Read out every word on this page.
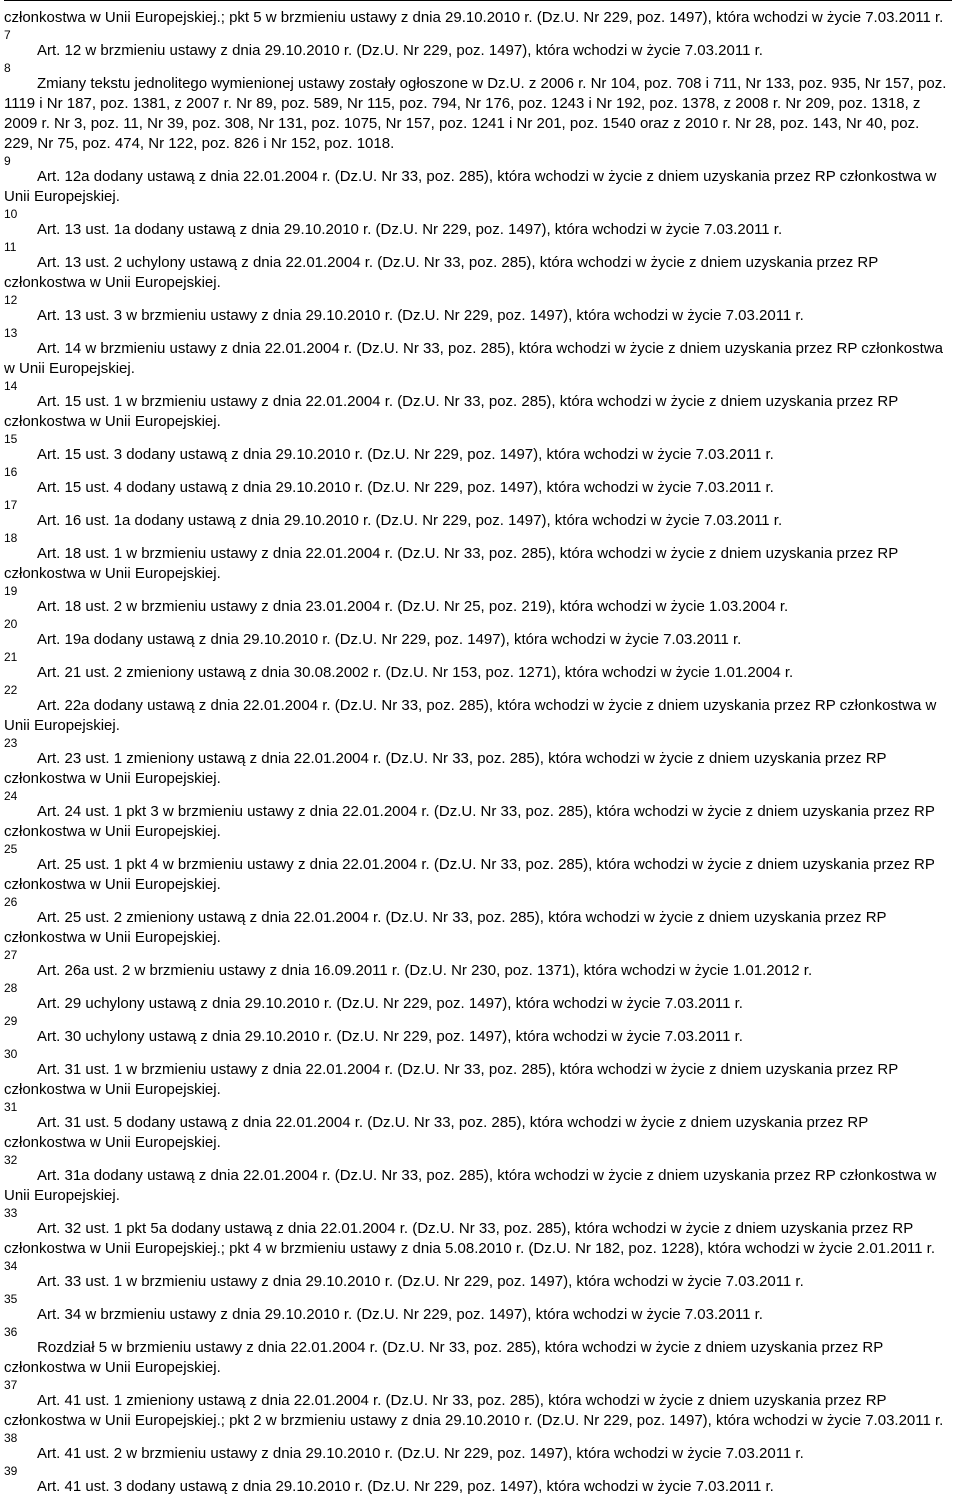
członkostwa w Unii Europejskiej.; pkt 5 w brzmieniu ustawy z dnia 29.10.2010 r. (Dz.U. Nr 229, poz. 1497), która wchodzi w życie 7.03.2011 r.

7
Art. 12 w brzmieniu ustawy z dnia 29.10.2010 r. (Dz.U. Nr 229, poz. 1497), która wchodzi w życie 7.03.2011 r.

8
Zmiany tekstu jednolitego wymienionej ustawy zostały ogłoszone w Dz.U. z 2006 r. Nr 104, poz. 708 i 711, Nr 133, poz. 935, Nr 157, poz. 1119 i Nr 187, poz. 1381, z 2007 r. Nr 89, poz. 589, Nr 115, poz. 794, Nr 176, poz. 1243 i Nr 192, poz. 1378, z 2008 r. Nr 209, poz. 1318, z 2009 r. Nr 3, poz. 11, Nr 39, poz. 308, Nr 131, poz. 1075, Nr 157, poz. 1241 i Nr 201, poz. 1540 oraz z 2010 r. Nr 28, poz. 143, Nr 40, poz. 229, Nr 75, poz. 474, Nr 122, poz. 826 i Nr 152, poz. 1018.

9
Art. 12a dodany ustawą z dnia 22.01.2004 r. (Dz.U. Nr 33, poz. 285), która wchodzi w życie z dniem uzyskania przez RP członkostwa w Unii Europejskiej.

10
Art. 13 ust. 1a dodany ustawą z dnia 29.10.2010 r. (Dz.U. Nr 229, poz. 1497), która wchodzi w życie 7.03.2011 r.

11
Art. 13 ust. 2 uchylony ustawą z dnia 22.01.2004 r. (Dz.U. Nr 33, poz. 285), która wchodzi w życie z dniem uzyskania przez RP członkostwa w Unii Europejskiej.

12
Art. 13 ust. 3 w brzmieniu ustawy z dnia 29.10.2010 r. (Dz.U. Nr 229, poz. 1497), która wchodzi w życie 7.03.2011 r.

13
Art. 14 w brzmieniu ustawy z dnia 22.01.2004 r. (Dz.U. Nr 33, poz. 285), która wchodzi w życie z dniem uzyskania przez RP członkostwa w Unii Europejskiej.

14
Art. 15 ust. 1 w brzmieniu ustawy z dnia 22.01.2004 r. (Dz.U. Nr 33, poz. 285), która wchodzi w życie z dniem uzyskania przez RP członkostwa w Unii Europejskiej.

15
Art. 15 ust. 3 dodany ustawą z dnia 29.10.2010 r. (Dz.U. Nr 229, poz. 1497), która wchodzi w życie 7.03.2011 r.

16
Art. 15 ust. 4 dodany ustawą z dnia 29.10.2010 r. (Dz.U. Nr 229, poz. 1497), która wchodzi w życie 7.03.2011 r.

17
Art. 16 ust. 1a dodany ustawą z dnia 29.10.2010 r. (Dz.U. Nr 229, poz. 1497), która wchodzi w życie 7.03.2011 r.

18
Art. 18 ust. 1 w brzmieniu ustawy z dnia 22.01.2004 r. (Dz.U. Nr 33, poz. 285), która wchodzi w życie z dniem uzyskania przez RP członkostwa w Unii Europejskiej.

19
Art. 18 ust. 2 w brzmieniu ustawy z dnia 23.01.2004 r. (Dz.U. Nr 25, poz. 219), która wchodzi w życie 1.03.2004 r.

20
Art. 19a dodany ustawą z dnia 29.10.2010 r. (Dz.U. Nr 229, poz. 1497), która wchodzi w życie 7.03.2011 r.

21
Art. 21 ust. 2 zmieniony ustawą z dnia 30.08.2002 r. (Dz.U. Nr 153, poz. 1271), która wchodzi w życie 1.01.2004 r.

22
Art. 22a dodany ustawą z dnia 22.01.2004 r. (Dz.U. Nr 33, poz. 285), która wchodzi w życie z dniem uzyskania przez RP członkostwa w Unii Europejskiej.

23
Art. 23 ust. 1 zmieniony ustawą z dnia 22.01.2004 r. (Dz.U. Nr 33, poz. 285), która wchodzi w życie z dniem uzyskania przez RP członkostwa w Unii Europejskiej.

24
Art. 24 ust. 1 pkt 3 w brzmieniu ustawy z dnia 22.01.2004 r. (Dz.U. Nr 33, poz. 285), która wchodzi w życie z dniem uzyskania przez RP członkostwa w Unii Europejskiej.

25
Art. 25 ust. 1 pkt 4 w brzmieniu ustawy z dnia 22.01.2004 r. (Dz.U. Nr 33, poz. 285), która wchodzi w życie z dniem uzyskania przez RP członkostwa w Unii Europejskiej.

26
Art. 25 ust. 2 zmieniony ustawą z dnia 22.01.2004 r. (Dz.U. Nr 33, poz. 285), która wchodzi w życie z dniem uzyskania przez RP członkostwa w Unii Europejskiej.

27
Art. 26a ust. 2 w brzmieniu ustawy z dnia 16.09.2011 r. (Dz.U. Nr 230, poz. 1371), która wchodzi w życie 1.01.2012 r.

28
Art. 29 uchylony ustawą z dnia 29.10.2010 r. (Dz.U. Nr 229, poz. 1497), która wchodzi w życie 7.03.2011 r.

29
Art. 30 uchylony ustawą z dnia 29.10.2010 r. (Dz.U. Nr 229, poz. 1497), która wchodzi w życie 7.03.2011 r.

30
Art. 31 ust. 1 w brzmieniu ustawy z dnia 22.01.2004 r. (Dz.U. Nr 33, poz. 285), która wchodzi w życie z dniem uzyskania przez RP członkostwa w Unii Europejskiej.

31
Art. 31 ust. 5 dodany ustawą z dnia 22.01.2004 r. (Dz.U. Nr 33, poz. 285), która wchodzi w życie z dniem uzyskania przez RP członkostwa w Unii Europejskiej.

32
Art. 31a dodany ustawą z dnia 22.01.2004 r. (Dz.U. Nr 33, poz. 285), która wchodzi w życie z dniem uzyskania przez RP członkostwa w Unii Europejskiej.

33
Art. 32 ust. 1 pkt 5a dodany ustawą z dnia 22.01.2004 r. (Dz.U. Nr 33, poz. 285), która wchodzi w życie z dniem uzyskania przez RP członkostwa w Unii Europejskiej.; pkt 4 w brzmieniu ustawy z dnia 5.08.2010 r. (Dz.U. Nr 182, poz. 1228), która wchodzi w życie 2.01.2011 r.

34
Art. 33 ust. 1 w brzmieniu ustawy z dnia 29.10.2010 r. (Dz.U. Nr 229, poz. 1497), która wchodzi w życie 7.03.2011 r.

35
Art. 34 w brzmieniu ustawy z dnia 29.10.2010 r. (Dz.U. Nr 229, poz. 1497), która wchodzi w życie 7.03.2011 r.

36
Rozdział 5 w brzmieniu ustawy z dnia 22.01.2004 r. (Dz.U. Nr 33, poz. 285), która wchodzi w życie z dniem uzyskania przez RP członkostwa w Unii Europejskiej.

37
Art. 41 ust. 1 zmieniony ustawą z dnia 22.01.2004 r. (Dz.U. Nr 33, poz. 285), która wchodzi w życie z dniem uzyskania przez RP członkostwa w Unii Europejskiej.; pkt 2 w brzmieniu ustawy z dnia 29.10.2010 r. (Dz.U. Nr 229, poz. 1497), która wchodzi w życie 7.03.2011 r.

38
Art. 41 ust. 2 w brzmieniu ustawy z dnia 29.10.2010 r. (Dz.U. Nr 229, poz. 1497), która wchodzi w życie 7.03.2011 r.

39
Art. 41 ust. 3 dodany ustawą z dnia 29.10.2010 r. (Dz.U. Nr 229, poz. 1497), która wchodzi w życie 7.03.2011 r.
